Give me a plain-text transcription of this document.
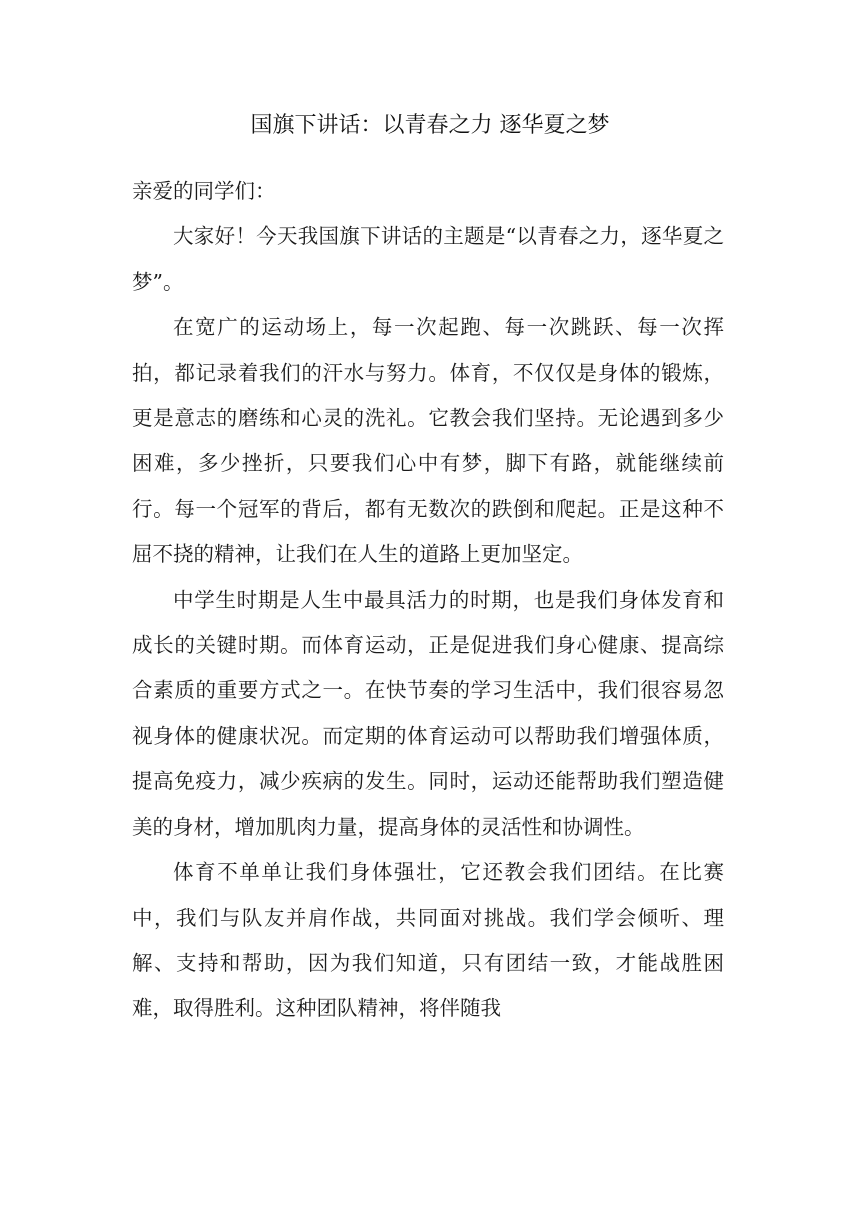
国旗下讲话：以青春之力 逐华夏之梦

亲爱的同学们：

大家好！今天我国旗下讲话的主题是“以青春之力，逐华夏之梦”。

在宽广的运动场上，每一次起跑、每一次跳跃、每一次挥拍，都记录着我们的汗水与努力。体育，不仅仅是身体的锻炼，更是意志的磨练和心灵的洗礼。它教会我们坚持。无论遇到多少困难，多少挫折，只要我们心中有梦，脚下有路，就能继续前行。每一个冠军的背后，都有无数次的跌倒和爬起。正是这种不屈不挠的精神，让我们在人生的道路上更加坚定。

中学生时期是人生中最具活力的时期，也是我们身体发育和成长的关键时期。而体育运动，正是促进我们身心健康、提高综合素质的重要方式之一。在快节奏的学习生活中，我们很容易忽视身体的健康状况。而定期的体育运动可以帮助我们增强体质，提高免疫力，减少疾病的发生。同时，运动还能帮助我们塑造健美的身材，增加肌肉力量，提高身体的灵活性和协调性。

体育不单单让我们身体强壮，它还教会我们团结。在比赛中，我们与队友并肩作战，共同面对挑战。我们学会倾听、理解、支持和帮助，因为我们知道，只有团结一致，才能战胜困难，取得胜利。这种团队精神，将伴随我
